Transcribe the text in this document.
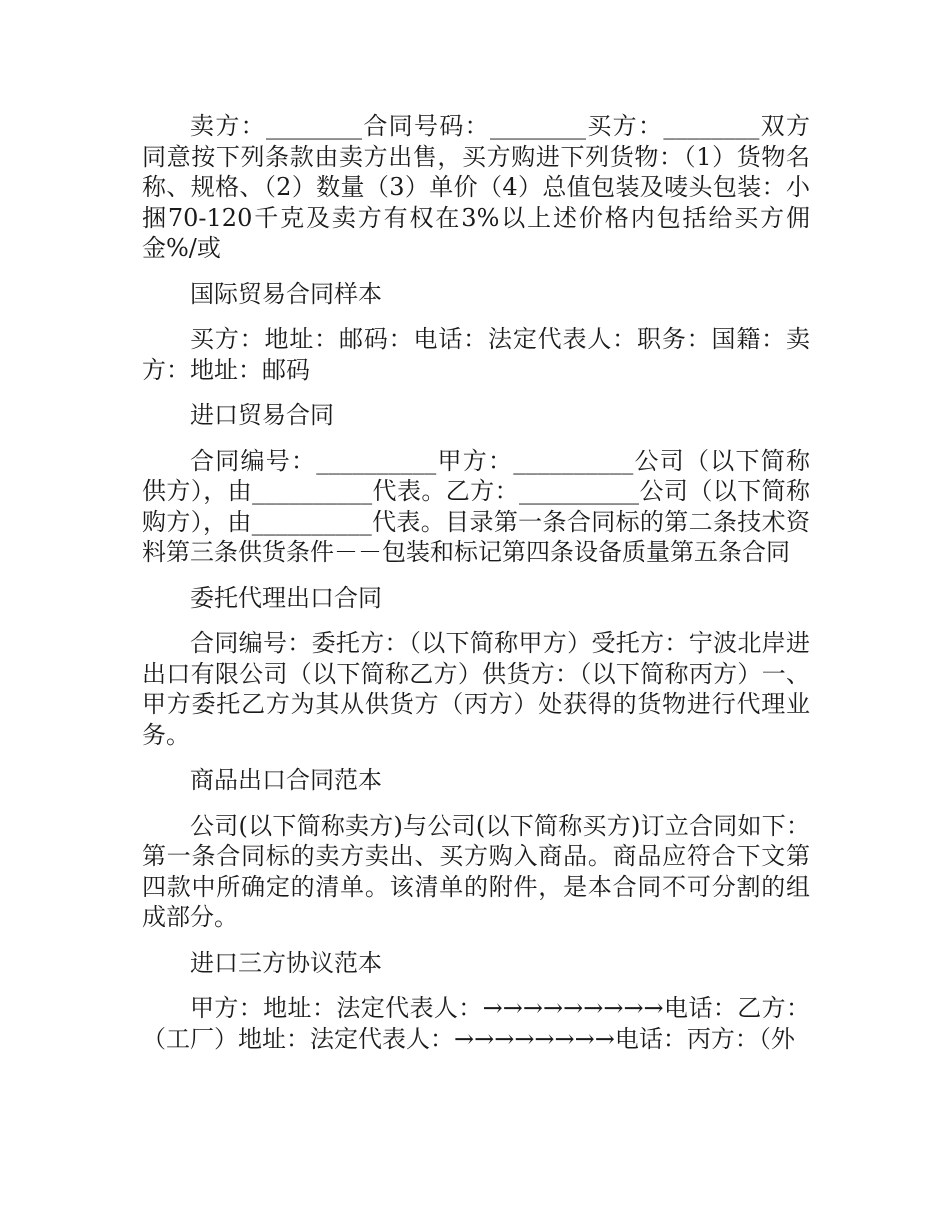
卖方：________合同号码：________买方：________双方同意按下列条款由卖方出售，买方购进下列货物：（1）货物名称、规格、（2）数量（3）单价（4）总值包装及唛头包装：小捆70-120千克及卖方有权在3%以上述价格内包括给买方佣金%/或

国际贸易合同样本

买方：地址：邮码：电话：法定代表人：职务：国籍：卖方：地址：邮码

进口贸易合同

合同编号：__________甲方：__________公司（以下简称供方），由__________代表。乙方：__________公司（以下简称购方），由__________代表。目录第一条合同标的第二条技术资料第三条供货条件－－包装和标记第四条设备质量第五条合同

委托代理出口合同

合同编号：委托方：（以下简称甲方）受托方：宁波北岸进出口有限公司（以下简称乙方）供货方：（以下简称丙方）一、甲方委托乙方为其从供货方（丙方）处获得的货物进行代理业务。

商品出口合同范本

公司(以下简称卖方)与公司(以下简称买方)订立合同如下：第一条合同标的卖方卖出、买方购入商品。商品应符合下文第四款中所确定的清单。该清单的附件，是本合同不可分割的组成部分。

进口三方协议范本

甲方：地址：法定代表人：→→→→→→→→→电话：乙方：（工厂）地址：法定代表人：→→→→→→→→电话：丙方：（外
